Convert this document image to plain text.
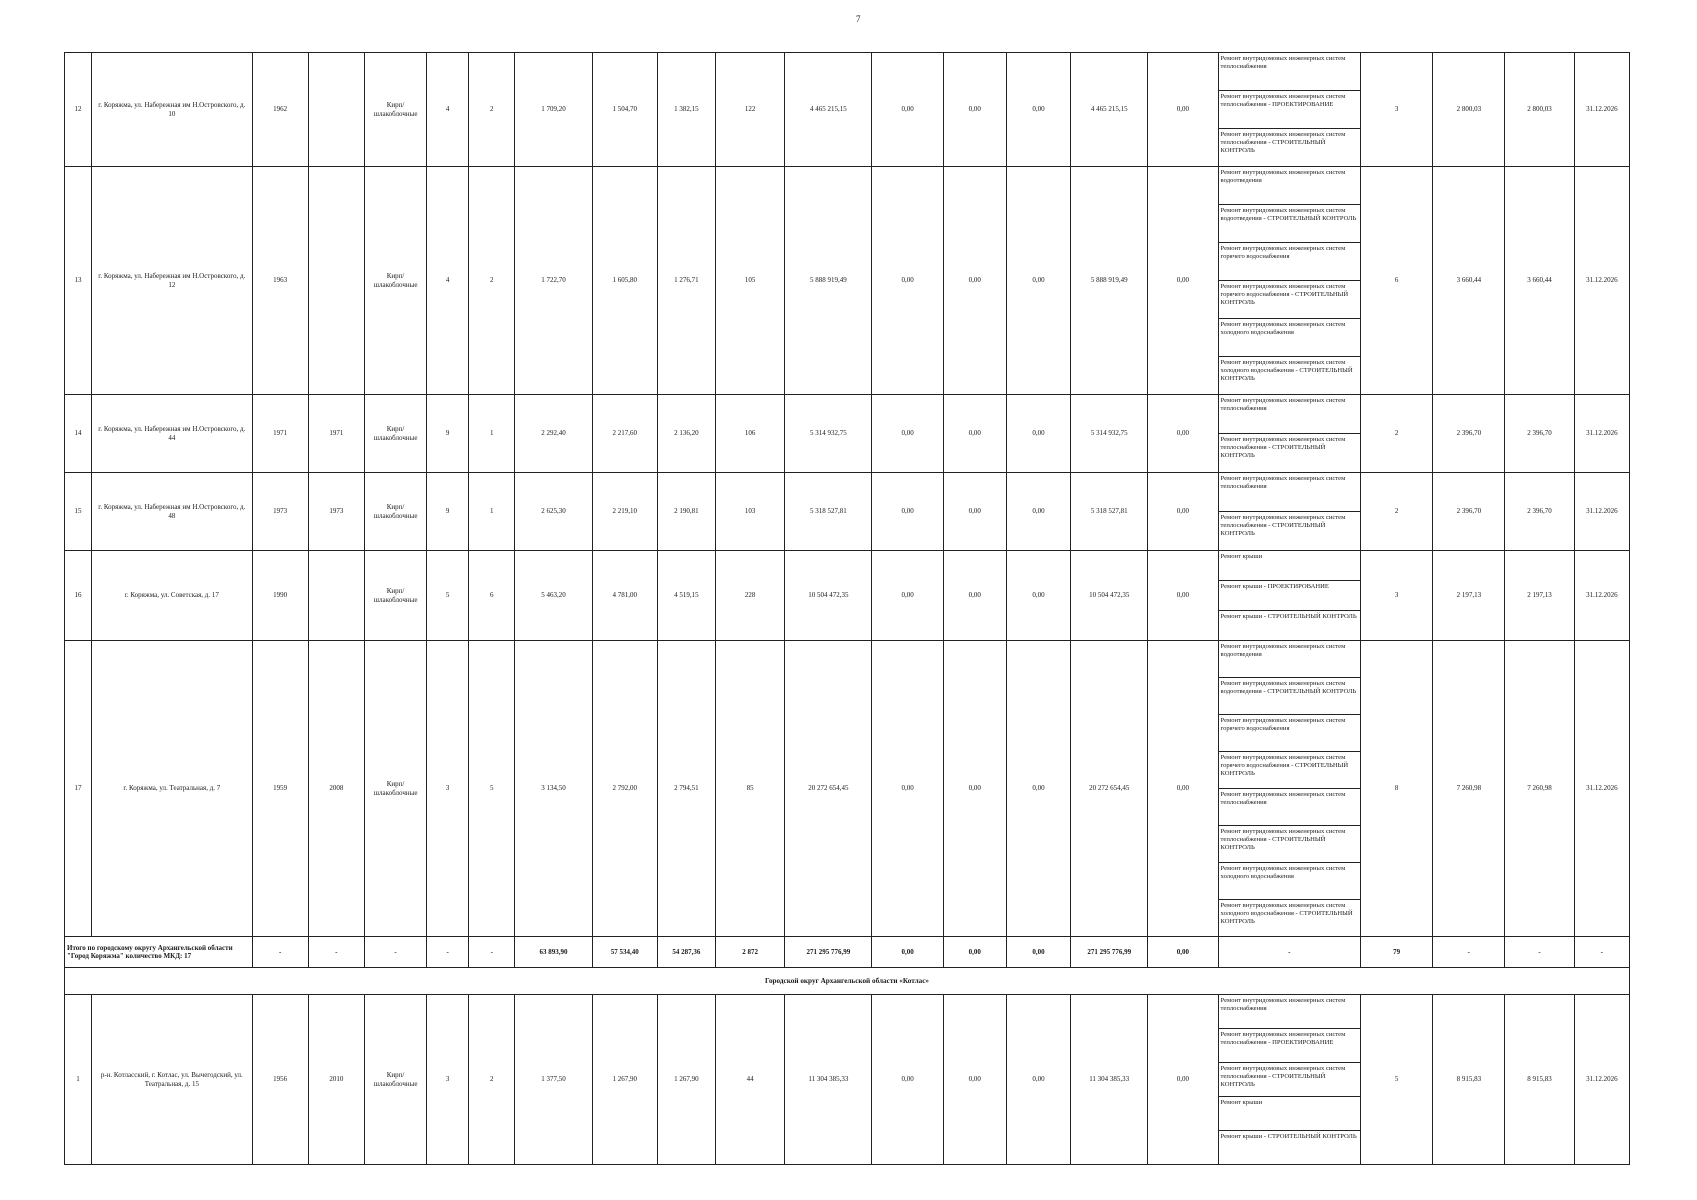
7
12	г. Коряжма, ул. Набережная им Н.Островского, д. 10	1962		Кирп/ шлакоблочные	4	2	1 709,20	1 504,70	1 382,15	122	4 465 215,15	0,00	0,00	0,00	4 465 215,15	0,00	Ремонт внутридомовых инженерных систем теплоснабжения	3	2 800,03	2 800,03	31.12.2026
																	Ремонт внутридомовых инженерных систем теплоснабжения - ПРОЕКТИРОВАНИЕ				
																	Ремонт внутридомовых инженерных систем теплоснабжения - СТРОИТЕЛЬНЫЙ КОНТРОЛЬ				
13	г. Коряжма, ул. Набережная им Н.Островского, д. 12	1963		Кирп/ шлакоблочные	4	2	1 722,70	1 605,80	1 276,71	105	5 888 919,49	0,00	0,00	0,00	5 888 919,49	0,00	Ремонт внутридомовых инженерных систем водоотведения	6	3 660,44	3 660,44	31.12.2026
																	Ремонт внутридомовых инженерных систем водоотведения - СТРОИТЕЛЬНЫЙ КОНТРОЛЬ				
																	Ремонт внутридомовых инженерных систем горячего водоснабжения				
																	Ремонт внутридомовых инженерных систем горячего водоснабжения - СТРОИТЕЛЬНЫЙ КОНТРОЛЬ				
																	Ремонт внутридомовых инженерных систем холодного водоснабжения				
																	Ремонт внутридомовых инженерных систем холодного водоснабжения - СТРОИТЕЛЬНЫЙ КОНТРОЛЬ				
14	г. Коряжма, ул. Набережная им Н.Островского, д. 44	1971	1971	Кирп/ шлакоблочные	9	1	2 292,40	2 217,60	2 136,20	106	5 314 932,75	0,00	0,00	0,00	5 314 932,75	0,00	Ремонт внутридомовых инженерных систем теплоснабжения	2	2 396,70	2 396,70	31.12.2026
																	Ремонт внутридомовых инженерных систем теплоснабжения - СТРОИТЕЛЬНЫЙ КОНТРОЛЬ				
15	г. Коряжма, ул. Набережная им Н.Островского, д. 48	1973	1973	Кирп/ шлакоблочные	9	1	2 625,30	2 219,10	2 190,81	103	5 318 527,81	0,00	0,00	0,00	5 318 527,81	0,00	Ремонт внутридомовых инженерных систем теплоснабжения	2	2 396,70	2 396,70	31.12.2026
																	Ремонт внутридомовых инженерных систем теплоснабжения - СТРОИТЕЛЬНЫЙ КОНТРОЛЬ				
16	г. Коряжма, ул. Советская, д. 17	1990		Кирп/ шлакоблочные	5	6	5 463,20	4 781,00	4 519,15	228	10 504 472,35	0,00	0,00	0,00	10 504 472,35	0,00	Ремонт крыши	3	2 197,13	2 197,13	31.12.2026
																	Ремонт крыши - ПРОЕКТИРОВАНИЕ				
																	Ремонт крыши - СТРОИТЕЛЬНЫЙ КОНТРОЛЬ				
17	г. Коряжма, ул. Театральная, д. 7	1959	2008	Кирп/ шлакоблочные	3	5	3 134,50	2 792,00	2 794,51	85	20 272 654,45	0,00	0,00	0,00	20 272 654,45	0,00	Ремонт внутридомовых инженерных систем водоотведения	8	7 260,98	7 260,98	31.12.2026
																	Ремонт внутридомовых инженерных систем водоотведения - СТРОИТЕЛЬНЫЙ КОНТРОЛЬ				
																	Ремонт внутридомовых инженерных систем горячего водоснабжения				
																	Ремонт внутридомовых инженерных систем горячего водоснабжения - СТРОИТЕЛЬНЫЙ КОНТРОЛЬ				
																	Ремонт внутридомовых инженерных систем теплоснабжения				
																	Ремонт внутридомовых инженерных систем теплоснабжения - СТРОИТЕЛЬНЫЙ КОНТРОЛЬ				
																	Ремонт внутридомовых инженерных систем холодного водоснабжения				
																	Ремонт внутридомовых инженерных систем холодного водоснабжения - СТРОИТЕЛЬНЫЙ КОНТРОЛЬ				
Итого по городскому округу Архангельской области "Город Коряжма" количество МКД: 17		-	-	-	-	-	63 893,90	57 534,40	54 287,36	2 872	271 295 776,99	0,00	0,00	0,00	271 295 776,99	0,00	-	79	-	-	-
Городской округ Архангельской области «Котлас»																					
1	р-н. Котласский, г. Котлас, ул. Вычегодский, ул. Театральная, д. 15	1956	2010	Кирп/ шлакоблочные	3	2	1 377,50	1 267,90	1 267,90	44	11 304 385,33	0,00	0,00	0,00	11 304 385,33	0,00	Ремонт внутридомовых инженерных систем теплоснабжения	5	8 915,83	8 915,83	31.12.2026
																	Ремонт внутридомовых инженерных систем теплоснабжения - ПРОЕКТИРОВАНИЕ				
																	Ремонт внутридомовых инженерных систем теплоснабжения - СТРОИТЕЛЬНЫЙ КОНТРОЛЬ				
																	Ремонт крыши				
																	Ремонт крыши - СТРОИТЕЛЬНЫЙ КОНТРОЛЬ				
